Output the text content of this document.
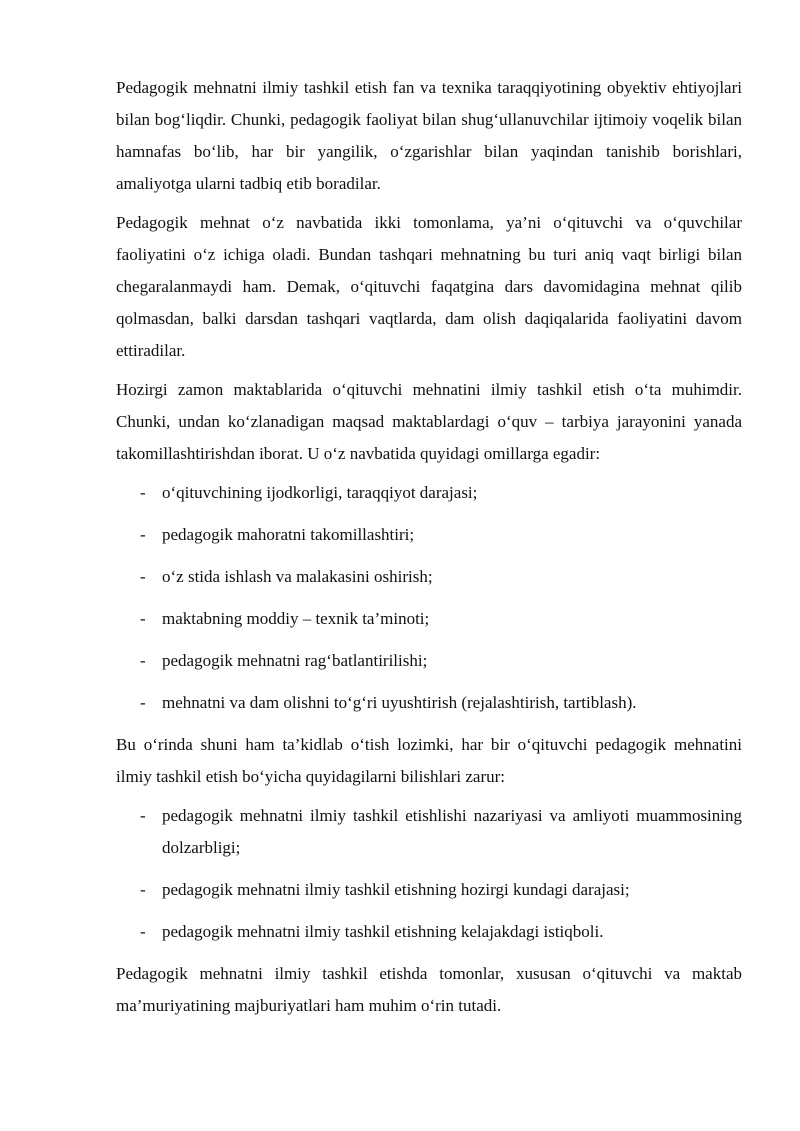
Pedagogik mehnatni ilmiy tashkil etish fan va texnika taraqqiyotining obyektiv ehtiyojlari bilan bog‘liqdir. Chunki, pedagogik faoliyat bilan shug‘ullanuvchilar ijtimoiy voqelik bilan hamnafas bo‘lib, har bir yangilik, o‘zgarishlar bilan yaqindan tanishib borishlari, amaliyotga ularni tadbiq etib boradilar.

Pedagogik mehnat o‘z navbatida ikki tomonlama, ya’ni o‘qituvchi va o‘quvchilar faoliyatini o‘z ichiga oladi. Bundan tashqari mehnatning bu turi aniq vaqt birligi bilan chegaralanmaydi ham. Demak, o‘qituvchi faqatgina dars davomidagina mehnat qilib qolmasdan, balki darsdan tashqari vaqtlarda, dam olish daqiqalarida faoliyatini davom ettiradilar.

Hozirgi zamon maktablarida o‘qituvchi mehnatini ilmiy tashkil etish o‘ta muhimdir. Chunki, undan ko‘zlanadigan maqsad maktablardagi o‘quv – tarbiya jarayonini yanada takomillashtirishdan iborat. U o‘z navbatida quyidagi omillarga egadir:

- o‘qituvchining ijodkorligi, taraqqiyot darajasi;
- pedagogik mahoratni takomillashtiri;
- o‘z stida ishlash va malakasini oshirish;
- maktabning moddiy – texnik ta’minoti;
- pedagogik mehnatni rag‘batlantirilishi;
- mehnatni va dam olishni to‘g‘ri uyushtirish (rejalashtirish, tartiblash).

Bu o‘rinda shuni ham ta’kidlab o‘tish lozimki, har bir o‘qituvchi pedagogik mehnatini ilmiy tashkil etish bo‘yicha quyidagilarni bilishlari zarur:

- pedagogik mehnatni ilmiy tashkil etishlishi nazariyasi va amliyoti muammosining dolzarbligi;
- pedagogik mehnatni ilmiy tashkil etishning hozirgi kundagi darajasi;
- pedagogik mehnatni ilmiy tashkil etishning kelajakdagi istiqboli.

Pedagogik mehnatni ilmiy tashkil etishda tomonlar, xususan o‘qituvchi va maktab ma’muriyatining majburiyatlari ham muhim o‘rin tutadi.
